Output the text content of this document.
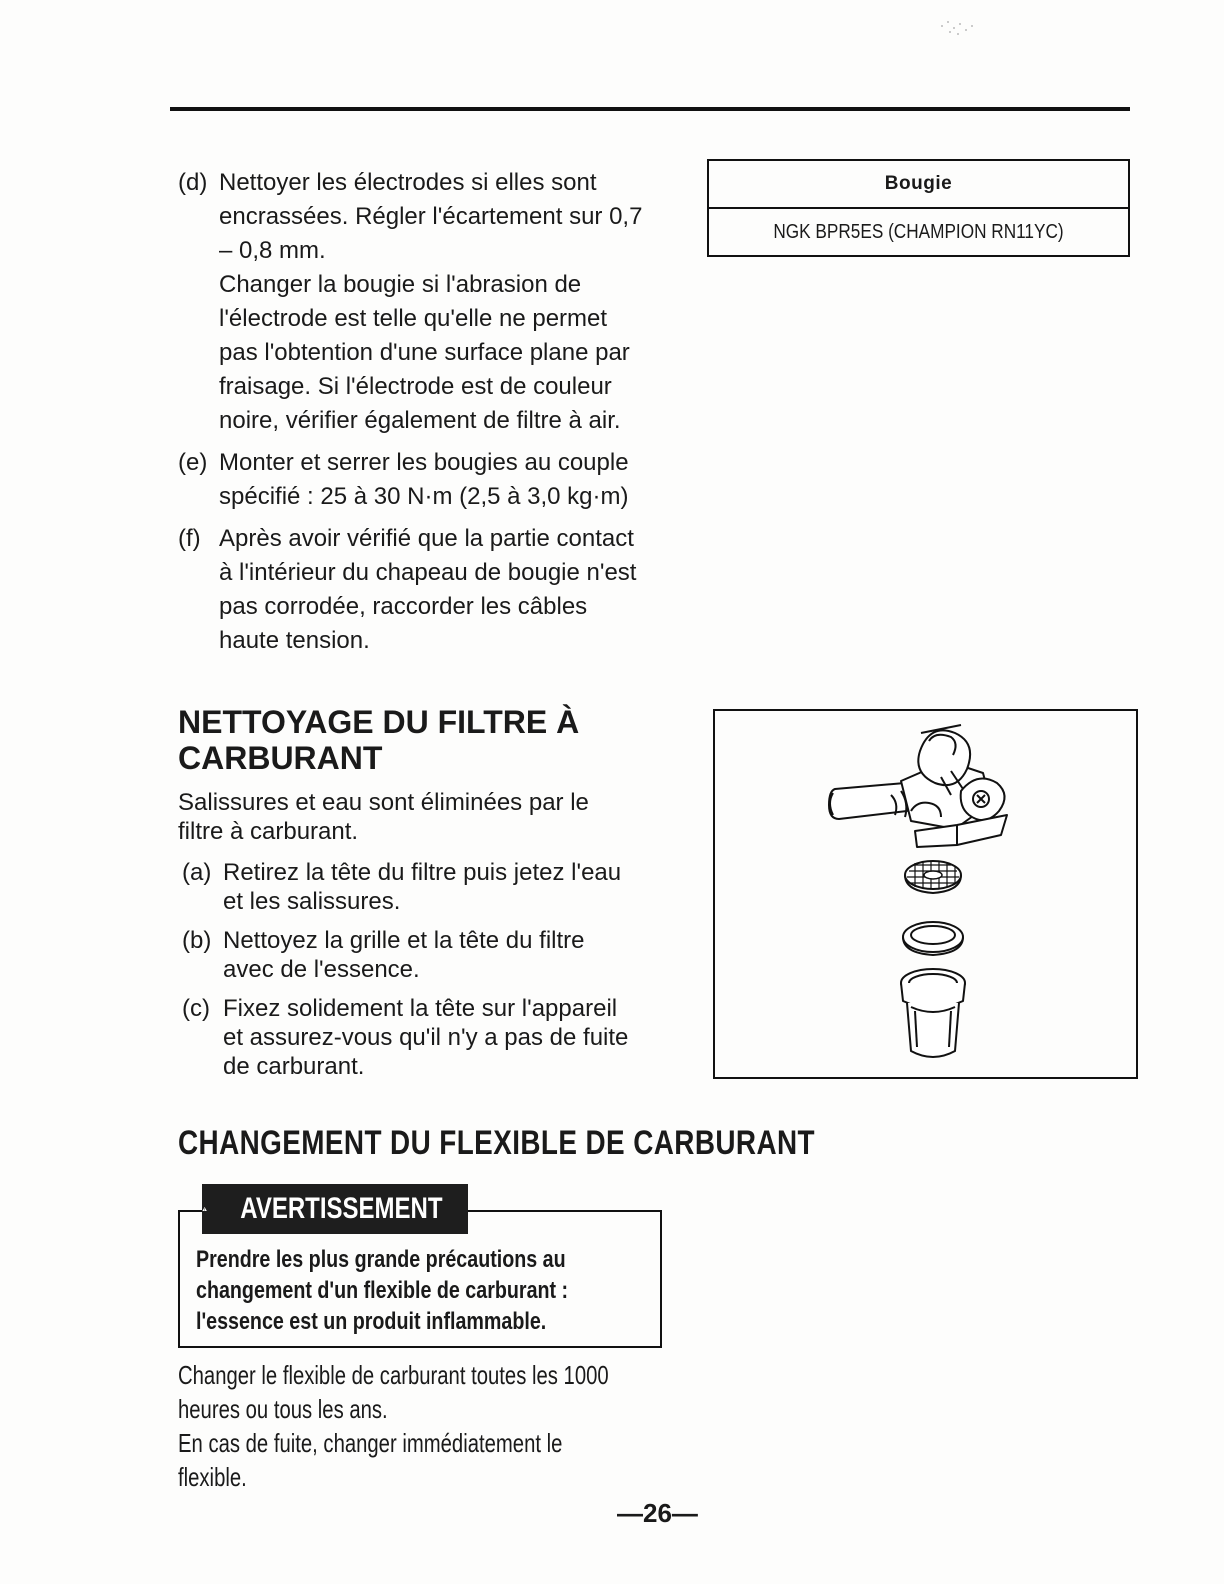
(d) Nettoyer les électrodes si elles sont
encrassées. Régler l'écartement sur 0,7
– 0,8 mm.
Changer la bougie si l'abrasion de
l'électrode est telle qu'elle ne permet
pas l'obtention d'une surface plane par
fraisage. Si l'électrode est de couleur
noire, vérifier également de filtre à air.
(e) Monter et serrer les bougies au couple
spécifié : 25 à 30 N·m (2,5 à 3,0 kg·m)
(f) Après avoir vérifié que la partie contact
à l'intérieur du chapeau de bougie n'est
pas corrodée, raccorder les câbles
haute tension.
Bougie
NGK BPR5ES (CHAMPION RN11YC)
NETTOYAGE DU FILTRE À
CARBURANT

Salissures et eau sont éliminées par le
filtre à carburant.

(a) Retirez la tête du filtre puis jetez l'eau
et les salissures.
(b) Nettoyez la grille et la tête du filtre
avec de l'essence.
(c) Fixez solidement la tête sur l'appareil
et assurez-vous qu'il n'y a pas de fuite
de carburant.
CHANGEMENT DU FLEXIBLE DE CARBURANT
AVERTISSEMENT

Prendre les plus grande précautions au
changement d'un flexible de carburant :
l'essence est un produit inflammable.

Changer le flexible de carburant toutes les 1000
heures ou tous les ans.

En cas de fuite, changer immédiatement le
flexible.

—26—
